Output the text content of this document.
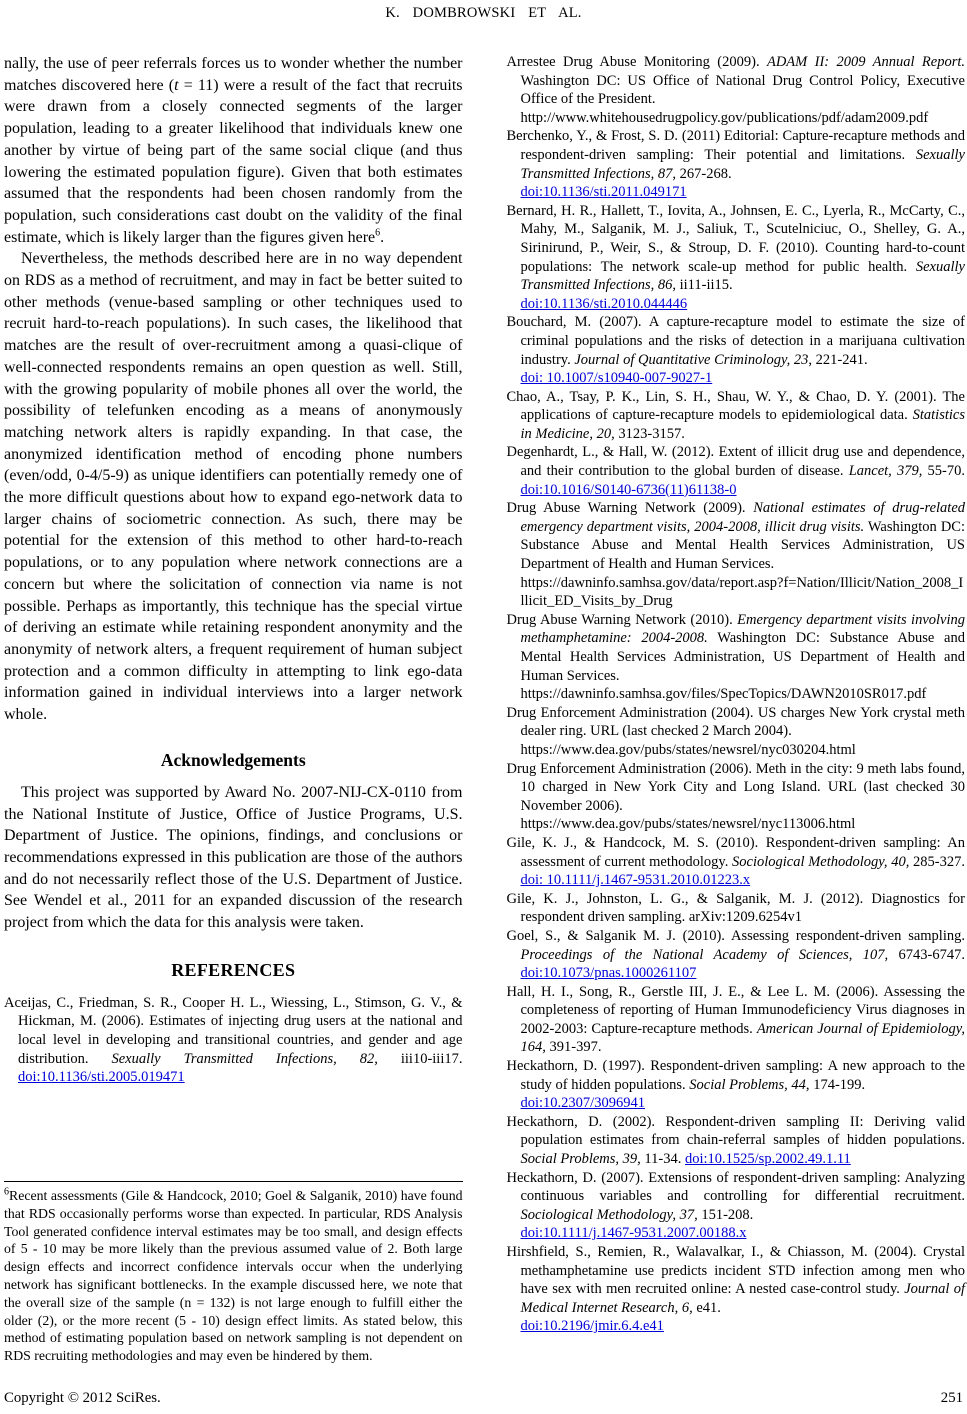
K. DOMBROWSKI ET AL.

nally, the use of peer referrals forces us to wonder whether the number matches discovered here (t = 11) were a result of the fact that recruits were drawn from a closely connected segments of the larger population, leading to a greater likelihood that individuals knew one another by virtue of being part of the same social clique (and thus lowering the estimated population figure). Given that both estimates assumed that the respondents had been chosen randomly from the population, such considerations cast doubt on the validity of the final estimate, which is likely larger than the figures given here$^6$.

Nevertheless, the methods described here are in no way dependent on RDS as a method of recruitment, and may in fact be better suited to other methods (venue-based sampling or other techniques used to recruit hard-to-reach populations). In such cases, the likelihood that matches are the result of over-recruitment among a quasi-clique of well-connected respondents remains an open question as well. Still, with the growing popularity of mobile phones all over the world, the possibility of telefunken encoding as a means of anonymously matching network alters is rapidly expanding. In that case, the anonymized identification method of encoding phone numbers (even/odd, 0-4/5-9) as unique identifiers can potentially remedy one of the more difficult questions about how to expand ego-network data to larger chains of sociometric connection. As such, there may be potential for the extension of this method to other hard-to-reach populations, or to any population where network connections are a concern but where the solicitation of connection via name is not possible. Perhaps as importantly, this technique has the special virtue of deriving an estimate while retaining respondent anonymity and the anonymity of network alters, a frequent requirement of human subject protection and a common difficulty in attempting to link ego-data information gained in individual interviews into a larger network whole.

Acknowledgements

This project was supported by Award No. 2007-NIJ-CX-0110 from the National Institute of Justice, Office of Justice Programs, U.S. Department of Justice. The opinions, findings, and conclusions or recommendations expressed in this publication are those of the authors and do not necessarily reflect those of the U.S. Department of Justice. See Wendel et al., 2011 for an expanded discussion of the research project from which the data for this analysis were taken.

REFERENCES

Aceijas, C., Friedman, S. R., Cooper H. L., Wiessing, L., Stimson, G. V., & Hickman, M. (2006). Estimates of injecting drug users at the national and local level in developing and transitional countries, and gender and age distribution. Sexually Transmitted Infections, 82, iii10-iii17. doi:10.1136/sti.2005.019471

$^6$Recent assessments (Gile & Handcock, 2010; Goel & Salganik, 2010) have found that RDS occasionally performs worse than expected. In particular, RDS Analysis Tool generated confidence interval estimates may be too small, and design effects of 5 - 10 may be more likely than the previous assumed value of 2. Both large design effects and incorrect confidence intervals occur when the underlying network has significant bottlenecks. In the example discussed here, we note that the overall size of the sample (n = 132) is not large enough to fulfill either the older (2), or the more recent (5 - 10) design effect limits. As stated below, this method of estimating population based on network sampling is not dependent on RDS recruiting methodologies and may even be hindered by them.

Arrestee Drug Abuse Monitoring (2009). ADAM II: 2009 Annual Report. Washington DC: US Office of National Drug Control Policy, Executive Office of the President.
http://www.whitehousedrugpolicy.gov/publications/pdf/adam2009.pdf

Berchenko, Y., & Frost, S. D. (2011) Editorial: Capture-recapture methods and respondent-driven sampling: Their potential and limitations. Sexually Transmitted Infections, 87, 267-268.
doi:10.1136/sti.2011.049171

Bernard, H. R., Hallett, T., Iovita, A., Johnsen, E. C., Lyerla, R., McCarty, C., Mahy, M., Salganik, M. J., Saliuk, T., Scutelniciuc, O., Shelley, G. A., Sirinirund, P., Weir, S., & Stroup, D. F. (2010). Counting hard-to-count populations: The network scale-up method for public health. Sexually Transmitted Infections, 86, ii11-ii15.
doi:10.1136/sti.2010.044446

Bouchard, M. (2007). A capture-recapture model to estimate the size of criminal populations and the risks of detection in a marijuana cultivation industry. Journal of Quantitative Criminology, 23, 221-241.
doi: 10.1007/s10940-007-9027-1

Chao, A., Tsay, P. K., Lin, S. H., Shau, W. Y., & Chao, D. Y. (2001). The applications of capture-recapture models to epidemiological data. Statistics in Medicine, 20, 3123-3157.

Degenhardt, L., & Hall, W. (2012). Extent of illicit drug use and dependence, and their contribution to the global burden of disease. Lancet, 379, 55-70. doi:10.1016/S0140-6736(11)61138-0

Drug Abuse Warning Network (2009). National estimates of drug-related emergency department visits, 2004-2008, illicit drug visits. Washington DC: Substance Abuse and Mental Health Services Administration, US Department of Health and Human Services.
https://dawninfo.samhsa.gov/data/report.asp?f=Nation/Illicit/Nation_2008_Illicit_ED_Visits_by_Drug

Drug Abuse Warning Network (2010). Emergency department visits involving methamphetamine: 2004-2008. Washington DC: Substance Abuse and Mental Health Services Administration, US Department of Health and Human Services.
https://dawninfo.samhsa.gov/files/SpecTopics/DAWN2010SR017.pdf

Drug Enforcement Administration (2004). US charges New York crystal meth dealer ring. URL (last checked 2 March 2004).
https://www.dea.gov/pubs/states/newsrel/nyc030204.html

Drug Enforcement Administration (2006). Meth in the city: 9 meth labs found, 10 charged in New York City and Long Island. URL (last checked 30 November 2006).
https://www.dea.gov/pubs/states/newsrel/nyc113006.html

Gile, K. J., & Handcock, M. S. (2010). Respondent-driven sampling: An assessment of current methodology. Sociological Methodology, 40, 285-327. doi: 10.1111/j.1467-9531.2010.01223.x

Gile, K. J., Johnston, L. G., & Salganik, M. J. (2012). Diagnostics for respondent driven sampling. arXiv:1209.6254v1

Goel, S., & Salganik M. J. (2010). Assessing respondent-driven sampling. Proceedings of the National Academy of Sciences, 107, 6743-6747. doi:10.1073/pnas.1000261107

Hall, H. I., Song, R., Gerstle III, J. E., & Lee L. M. (2006). Assessing the completeness of reporting of Human Immunodeficiency Virus diagnoses in 2002-2003: Capture-recapture methods. American Journal of Epidemiology, 164, 391-397.

Heckathorn, D. (1997). Respondent-driven sampling: A new approach to the study of hidden populations. Social Problems, 44, 174-199.
doi:10.2307/3096941

Heckathorn, D. (2002). Respondent-driven sampling II: Deriving valid population estimates from chain-referral samples of hidden populations. Social Problems, 39, 11-34. doi:10.1525/sp.2002.49.1.11

Heckathorn, D. (2007). Extensions of respondent-driven sampling: Analyzing continuous variables and controlling for differential recruitment. Sociological Methodology, 37, 151-208.
doi:10.1111/j.1467-9531.2007.00188.x

Hirshfield, S., Remien, R., Walavalkar, I., & Chiasson, M. (2004). Crystal methamphetamine use predicts incident STD infection among men who have sex with men recruited online: A nested case-control study. Journal of Medical Internet Research, 6, e41.
doi:10.2196/jmir.6.4.e41

Copyright © 2012 SciRes.	251
